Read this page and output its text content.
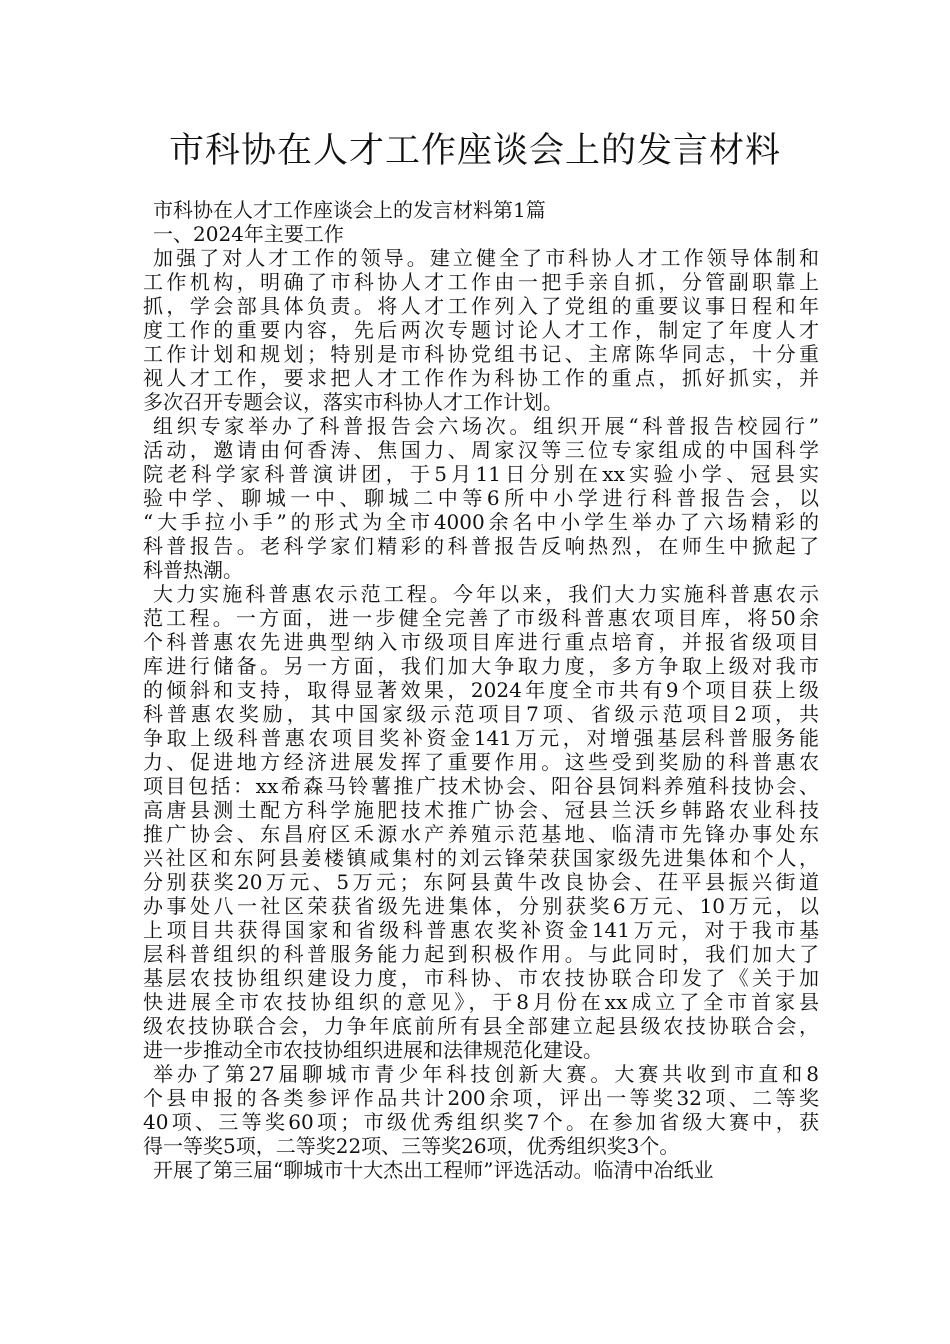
市科协在人才工作座谈会上的发言材料

市科协在人才工作座谈会上的发言材料第1篇

一、2024年主要工作

加强了对人才工作的领导。建立健全了市科协人才工作领导体制和

工作机构，明确了市科协人才工作由一把手亲自抓，分管副职靠上

抓，学会部具体负责。将人才工作列入了党组的重要议事日程和年

度工作的重要内容，先后两次专题讨论人才工作，制定了年度人才

工作计划和规划；特别是市科协党组书记、主席陈华同志，十分重

视人才工作，要求把人才工作作为科协工作的重点，抓好抓实，并

多次召开专题会议，落实市科协人才工作计划。

组织专家举办了科普报告会六场次。组织开展“科普报告校园行”

活动，邀请由何香涛、焦国力、周家汉等三位专家组成的中国科学

院老科学家科普演讲团，于5月11日分别在xx实验小学、冠县实

验中学、聊城一中、聊城二中等6所中小学进行科普报告会，以

“大手拉小手”的形式为全市4000余名中小学生举办了六场精彩的

科普报告。老科学家们精彩的科普报告反响热烈，在师生中掀起了

科普热潮。

大力实施科普惠农示范工程。今年以来，我们大力实施科普惠农示

范工程。一方面，进一步健全完善了市级科普惠农项目库，将50余

个科普惠农先进典型纳入市级项目库进行重点培育，并报省级项目

库进行储备。另一方面，我们加大争取力度，多方争取上级对我市

的倾斜和支持，取得显著效果，2024年度全市共有9个项目获上级

科普惠农奖励，其中国家级示范项目7项、省级示范项目2项，共

争取上级科普惠农项目奖补资金141万元，对增强基层科普服务能

力、促进地方经济进展发挥了重要作用。这些受到奖励的科普惠农

项目包括：xx希森马铃薯推广技术协会、阳谷县饲料养殖科技协会、

高唐县测土配方科学施肥技术推广协会、冠县兰沃乡韩路农业科技

推广协会、东昌府区禾源水产养殖示范基地、临清市先锋办事处东

兴社区和东阿县姜楼镇咸集村的刘云锋荣获国家级先进集体和个人，

分别获奖20万元、5万元；东阿县黄牛改良协会、茌平县振兴街道

办事处八一社区荣获省级先进集体，分别获奖6万元、10万元，以

上项目共获得国家和省级科普惠农奖补资金141万元，对于我市基

层科普组织的科普服务能力起到积极作用。与此同时，我们加大了

基层农技协组织建设力度，市科协、市农技协联合印发了《关于加

快进展全市农技协组织的意见》，于8月份在xx成立了全市首家县

级农技协联合会，力争年底前所有县全部建立起县级农技协联合会，

进一步推动全市农技协组织进展和法律规范化建设。

举办了第27届聊城市青少年科技创新大赛。大赛共收到市直和8

个县申报的各类参评作品共计200余项，评出一等奖32项、二等奖

40项、三等奖60项；市级优秀组织奖7个。在参加省级大赛中，获

得一等奖5项，二等奖22项、三等奖26项，优秀组织奖3个。

开展了第三届“聊城市十大杰出工程师”评选活动。临清中冶纸业
